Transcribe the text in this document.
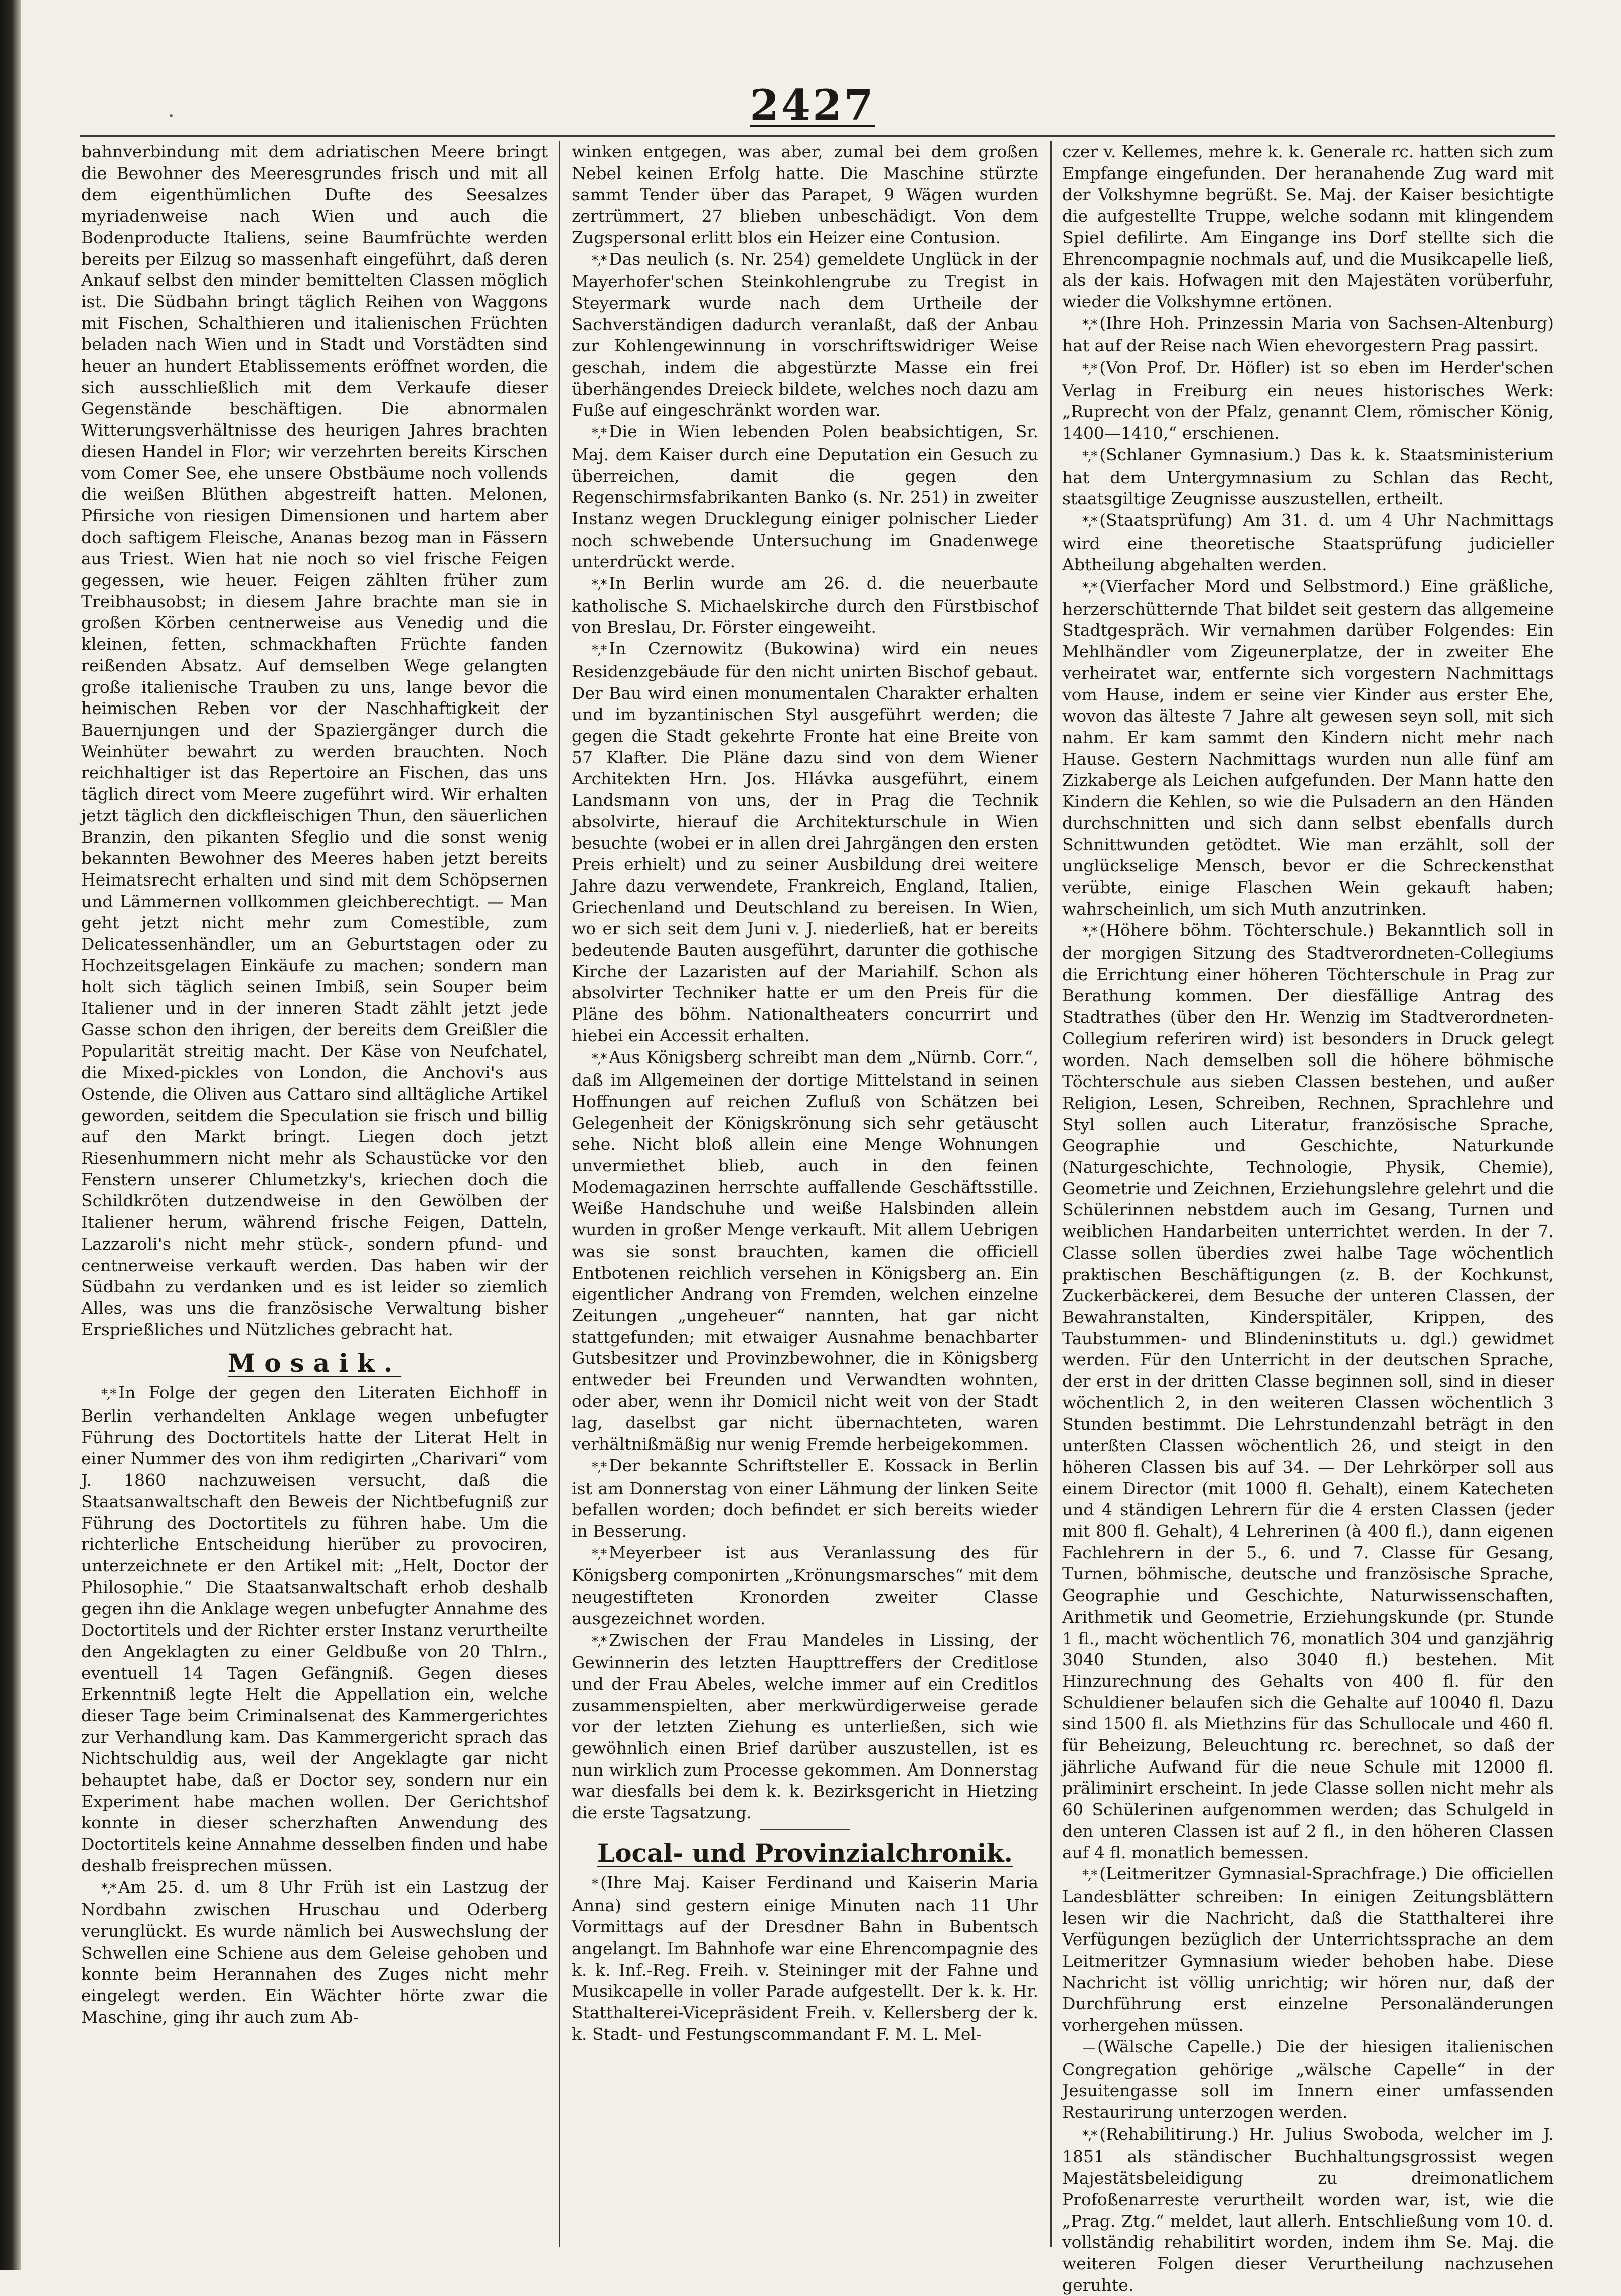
2427

bahnverbindung mit dem adriatischen Meere bringt die Bewohner des Meeresgrundes frisch und mit all dem eigenthümlichen Dufte des Seesalzes myriadenweise nach Wien und auch die Bodenproducte Italiens, seine Baumfrüchte werden bereits per Eilzug so massenhaft eingeführt, daß deren Ankauf selbst den minder bemittelten Classen möglich ist. Die Südbahn bringt täglich Reihen von Waggons mit Fischen, Schalthieren und italienischen Früchten beladen nach Wien und in Stadt und Vorstädten sind heuer an hundert Etablissements eröffnet worden, die sich ausschließlich mit dem Verkaufe dieser Gegenstände beschäftigen. Die abnormalen Witterungsverhältnisse des heurigen Jahres brachten diesen Handel in Flor; wir verzehrten bereits Kirschen vom Comer See, ehe unsere Obstbäume noch vollends die weißen Blüthen abgestreift hatten. Melonen, Pfirsiche von riesigen Dimensionen und hartem aber doch saftigem Fleische, Ananas bezog man in Fässern aus Triest. Wien hat nie noch so viel frische Feigen gegessen, wie heuer. Feigen zählten früher zum Treibhausobst; in diesem Jahre brachte man sie in großen Körben centnerweise aus Venedig und die kleinen, fetten, schmackhaften Früchte fanden reißenden Absatz. Auf demselben Wege gelangten große italienische Trauben zu uns, lange bevor die heimischen Reben vor der Naschhaftigkeit der Bauernjungen und der Spaziergänger durch die Weinhüter bewahrt zu werden brauchten. Noch reichhaltiger ist das Repertoire an Fischen, das uns täglich direct vom Meere zugeführt wird. Wir erhalten jetzt täglich den dickfleischigen Thun, den säuerlichen Branzin, den pikanten Sfeglio und die sonst wenig bekannten Bewohner des Meeres haben jetzt bereits Heimatsrecht erhalten und sind mit dem Schöpsernen und Lämmernen vollkommen gleichberechtigt. — Man geht jetzt nicht mehr zum Comestible, zum Delicatessenhändler, um an Geburtstagen oder zu Hochzeitsgelagen Einkäufe zu machen; sondern man holt sich täglich seinen Imbiß, sein Souper beim Italiener und in der inneren Stadt zählt jetzt jede Gasse schon den ihrigen, der bereits dem Greißler die Popularität streitig macht. Der Käse von Neufchatel, die Mixed-pickles von London, die Anchovi's aus Ostende, die Oliven aus Cattaro sind alltägliche Artikel geworden, seitdem die Speculation sie frisch und billig auf den Markt bringt. Liegen doch jetzt Riesenhummern nicht mehr als Schaustücke vor den Fenstern unserer Chlumetzky's, kriechen doch die Schildkröten dutzendweise in den Gewölben der Italiener herum, während frische Feigen, Datteln, Lazzaroli's nicht mehr stück-, sondern pfund- und centnerweise verkauft werden. Das haben wir der Südbahn zu verdanken und es ist leider so ziemlich Alles, was uns die französische Verwaltung bisher Ersprießliches und Nützliches gebracht hat.

Mosaik.

*,* In Folge der gegen den Literaten Eichhoff in Berlin verhandelten Anklage wegen unbefugter Führung des Doctortitels hatte der Literat Helt in einer Nummer des von ihm redigirten „Charivari“ vom J. 1860 nachzuweisen versucht, daß die Staatsanwaltschaft den Beweis der Nichtbefugniß zur Führung des Doctortitels zu führen habe. Um die richterliche Entscheidung hierüber zu provociren, unterzeichnete er den Artikel mit: „Helt, Doctor der Philosophie.“ Die Staatsanwaltschaft erhob deshalb gegen ihn die Anklage wegen unbefugter Annahme des Doctortitels und der Richter erster Instanz verurtheilte den Angeklagten zu einer Geldbuße von 20 Thlrn., eventuell 14 Tagen Gefängniß. Gegen dieses Erkenntniß legte Helt die Appellation ein, welche dieser Tage beim Criminalsenat des Kammergerichtes zur Verhandlung kam. Das Kammergericht sprach das Nichtschuldig aus, weil der Angeklagte gar nicht behauptet habe, daß er Doctor sey, sondern nur ein Experiment habe machen wollen. Der Gerichtshof konnte in dieser scherzhaften Anwendung des Doctortitels keine Annahme desselben finden und habe deshalb freisprechen müssen.

*,* Am 25. d. um 8 Uhr Früh ist ein Lastzug der Nordbahn zwischen Hruschau und Oderberg verunglückt. Es wurde nämlich bei Auswechslung der Schwellen eine Schiene aus dem Geleise gehoben und konnte beim Herannahen des Zuges nicht mehr eingelegt werden. Ein Wächter hörte zwar die Maschine, ging ihr auch zum Ab-

winken entgegen, was aber, zumal bei dem großen Nebel keinen Erfolg hatte. Die Maschine stürzte sammt Tender über das Parapet, 9 Wägen wurden zertrümmert, 27 blieben unbeschädigt. Von dem Zugspersonal erlitt blos ein Heizer eine Contusion.

*,* Das neulich (s. Nr. 254) gemeldete Unglück in der Mayerhofer'schen Steinkohlengrube zu Tregist in Steyermark wurde nach dem Urtheile der Sachverständigen dadurch veranlaßt, daß der Anbau zur Kohlengewinnung in vorschriftswidriger Weise geschah, indem die abgestürzte Masse ein frei überhängendes Dreieck bildete, welches noch dazu am Fuße auf eingeschränkt worden war.

*,* Die in Wien lebenden Polen beabsichtigen, Sr. Maj. dem Kaiser durch eine Deputation ein Gesuch zu überreichen, damit die gegen den Regenschirmsfabrikanten Banko (s. Nr. 251) in zweiter Instanz wegen Drucklegung einiger polnischer Lieder noch schwebende Untersuchung im Gnadenwege unterdrückt werde.

*,* In Berlin wurde am 26. d. die neuerbaute katholische S. Michaelskirche durch den Fürstbischof von Breslau, Dr. Förster eingeweiht.

*,* In Czernowitz (Bukowina) wird ein neues Residenzgebäude für den nicht unirten Bischof gebaut. Der Bau wird einen monumentalen Charakter erhalten und im byzantinischen Styl ausgeführt werden; die gegen die Stadt gekehrte Fronte hat eine Breite von 57 Klafter. Die Pläne dazu sind von dem Wiener Architekten Hrn. Jos. Hlávka ausgeführt, einem Landsmann von uns, der in Prag die Technik absolvirte, hierauf die Architekturschule in Wien besuchte (wobei er in allen drei Jahrgängen den ersten Preis erhielt) und zu seiner Ausbildung drei weitere Jahre dazu verwendete, Frankreich, England, Italien, Griechenland und Deutschland zu bereisen. In Wien, wo er sich seit dem Juni v. J. niederließ, hat er bereits bedeutende Bauten ausgeführt, darunter die gothische Kirche der Lazaristen auf der Mariahilf. Schon als absolvirter Techniker hatte er um den Preis für die Pläne des böhm. Nationaltheaters concurrirt und hiebei ein Accessit erhalten.

*,* Aus Königsberg schreibt man dem „Nürnb. Corr.“, daß im Allgemeinen der dortige Mittelstand in seinen Hoffnungen auf reichen Zufluß von Schätzen bei Gelegenheit der Königskrönung sich sehr getäuscht sehe. Nicht bloß allein eine Menge Wohnungen unvermiethet blieb, auch in den feinen Modemagazinen herrschte auffallende Geschäftsstille. Weiße Handschuhe und weiße Halsbinden allein wurden in großer Menge verkauft. Mit allem Uebrigen was sie sonst brauchten, kamen die officiell Entbotenen reichlich versehen in Königsberg an. Ein eigentlicher Andrang von Fremden, welchen einzelne Zeitungen „ungeheuer“ nannten, hat gar nicht stattgefunden; mit etwaiger Ausnahme benachbarter Gutsbesitzer und Provinzbewohner, die in Königsberg entweder bei Freunden und Verwandten wohnten, oder aber, wenn ihr Domicil nicht weit von der Stadt lag, daselbst gar nicht übernachteten, waren verhältnißmäßig nur wenig Fremde herbeigekommen.

*,* Der bekannte Schriftsteller E. Kossack in Berlin ist am Donnerstag von einer Lähmung der linken Seite befallen worden; doch befindet er sich bereits wieder in Besserung.

*,* Meyerbeer ist aus Veranlassung des für Königsberg componirten „Krönungsmarsches“ mit dem neugestifteten Kronorden zweiter Classe ausgezeichnet worden.

*,* Zwischen der Frau Mandeles in Lissing, der Gewinnerin des letzten Haupttreffers der Creditlose und der Frau Abeles, welche immer auf ein Creditlos zusammenspielten, aber merkwürdigerweise gerade vor der letzten Ziehung es unterließen, sich wie gewöhnlich einen Brief darüber auszustellen, ist es nun wirklich zum Processe gekommen. Am Donnerstag war diesfalls bei dem k. k. Bezirksgericht in Hietzing die erste Tagsatzung.

Local- und Provinzialchronik.

* (Ihre Maj. Kaiser Ferdinand und Kaiserin Maria Anna) sind gestern einige Minuten nach 11 Uhr Vormittags auf der Dresdner Bahn in Bubentsch angelangt. Im Bahnhofe war eine Ehrencompagnie des k. k. Inf.-Reg. Freih. v. Steininger mit der Fahne und Musikcapelle in voller Parade aufgestellt. Der k. k. Hr. Statthalterei-Vicepräsident Freih. v. Kellersberg der k. k. Stadt- und Festungscommandant F. M. L. Mel-

czer v. Kellemes, mehre k. k. Generale rc. hatten sich zum Empfange eingefunden. Der heranahende Zug ward mit der Volkshymne begrüßt. Se. Maj. der Kaiser besichtigte die aufgestellte Truppe, welche sodann mit klingendem Spiel defilirte. Am Eingange ins Dorf stellte sich die Ehrencompagnie nochmals auf, und die Musikcapelle ließ, als der kais. Hofwagen mit den Majestäten vorüberfuhr, wieder die Volkshymne ertönen.

*,* (Ihre Hoh. Prinzessin Maria von Sachsen-Altenburg) hat auf der Reise nach Wien ehevorgestern Prag passirt.

*,* (Von Prof. Dr. Höfler) ist so eben im Herder'schen Verlag in Freiburg ein neues historisches Werk: „Ruprecht von der Pfalz, genannt Clem, römischer König, 1400—1410,“ erschienen.

*,* (Schlaner Gymnasium.) Das k. k. Staatsministerium hat dem Untergymnasium zu Schlan das Recht, staatsgiltige Zeugnisse auszustellen, ertheilt.

*,* (Staatsprüfung) Am 31. d. um 4 Uhr Nachmittags wird eine theoretische Staatsprüfung judicieller Abtheilung abgehalten werden.

*,* (Vierfacher Mord und Selbstmord.) Eine gräßliche, herzerschütternde That bildet seit gestern das allgemeine Stadtgespräch. Wir vernahmen darüber Folgendes: Ein Mehlhändler vom Zigeunerplatze, der in zweiter Ehe verheiratet war, entfernte sich vorgestern Nachmittags vom Hause, indem er seine vier Kinder aus erster Ehe, wovon das älteste 7 Jahre alt gewesen seyn soll, mit sich nahm. Er kam sammt den Kindern nicht mehr nach Hause. Gestern Nachmittags wurden nun alle fünf am Zizkaberge als Leichen aufgefunden. Der Mann hatte den Kindern die Kehlen, so wie die Pulsadern an den Händen durchschnitten und sich dann selbst ebenfalls durch Schnittwunden getödtet. Wie man erzählt, soll der unglückselige Mensch, bevor er die Schreckensthat verübte, einige Flaschen Wein gekauft haben; wahrscheinlich, um sich Muth anzutrinken.

*,* (Höhere böhm. Töchterschule.) Bekanntlich soll in der morgigen Sitzung des Stadtverordneten-Collegiums die Errichtung einer höheren Töchterschule in Prag zur Berathung kommen. Der diesfällige Antrag des Stadtrathes (über den Hr. Wenzig im Stadtverordneten-Collegium referiren wird) ist besonders in Druck gelegt worden. Nach demselben soll die höhere böhmische Töchterschule aus sieben Classen bestehen, und außer Religion, Lesen, Schreiben, Rechnen, Sprachlehre und Styl sollen auch Literatur, französische Sprache, Geographie und Geschichte, Naturkunde (Naturgeschichte, Technologie, Physik, Chemie), Geometrie und Zeichnen, Erziehungslehre gelehrt und die Schülerinnen nebstdem auch im Gesang, Turnen und weiblichen Handarbeiten unterrichtet werden. In der 7. Classe sollen überdies zwei halbe Tage wöchentlich praktischen Beschäftigungen (z. B. der Kochkunst, Zuckerbäckerei, dem Besuche der unteren Classen, der Bewahranstalten, Kinderspitäler, Krippen, des Taubstummen- und Blindeninstituts u. dgl.) gewidmet werden. Für den Unterricht in der deutschen Sprache, der erst in der dritten Classe beginnen soll, sind in dieser wöchentlich 2, in den weiteren Classen wöchentlich 3 Stunden bestimmt. Die Lehrstundenzahl beträgt in den unterßten Classen wöchentlich 26, und steigt in den höheren Classen bis auf 34. — Der Lehrkörper soll aus einem Director (mit 1000 fl. Gehalt), einem Katecheten und 4 ständigen Lehrern für die 4 ersten Classen (jeder mit 800 fl. Gehalt), 4 Lehrerinen (à 400 fl.), dann eigenen Fachlehrern in der 5., 6. und 7. Classe für Gesang, Turnen, böhmische, deutsche und französische Sprache, Geographie und Geschichte, Naturwissenschaften, Arithmetik und Geometrie, Erziehungskunde (pr. Stunde 1 fl., macht wöchentlich 76, monatlich 304 und ganzjährig 3040 Stunden, also 3040 fl.) bestehen. Mit Hinzurechnung des Gehalts von 400 fl. für den Schuldiener belaufen sich die Gehalte auf 10040 fl. Dazu sind 1500 fl. als Miethzins für das Schullocale und 460 fl. für Beheizung, Beleuchtung rc. berechnet, so daß der jährliche Aufwand für die neue Schule mit 12000 fl. präliminirt erscheint. In jede Classe sollen nicht mehr als 60 Schülerinen aufgenommen werden; das Schulgeld in den unteren Classen ist auf 2 fl., in den höheren Classen auf 4 fl. monatlich bemessen.

*,* (Leitmeritzer Gymnasial-Sprachfrage.) Die officiellen Landesblätter schreiben: In einigen Zeitungsblättern lesen wir die Nachricht, daß die Statthalterei ihre Verfügungen bezüglich der Unterrichtssprache an dem Leitmeritzer Gymnasium wieder behoben habe. Diese Nachricht ist völlig unrichtig; wir hören nur, daß der Durchführung erst einzelne Personaländerungen vorhergehen müssen.

— (Wälsche Capelle.) Die der hiesigen italienischen Congregation gehörige „wälsche Capelle“ in der Jesuitengasse soll im Innern einer umfassenden Restaurirung unterzogen werden.

*,* (Rehabilitirung.) Hr. Julius Swoboda, welcher im J. 1851 als ständischer Buchhaltungsgrossist wegen Majestätsbeleidigung zu dreimonatlichem Profoßenarreste verurtheilt worden war, ist, wie die „Prag. Ztg.“ meldet, laut allerh. Entschließung vom 10. d. vollständig rehabilitirt worden, indem ihm Se. Maj. die weiteren Folgen dieser Verurtheilung nachzusehen geruhte.
